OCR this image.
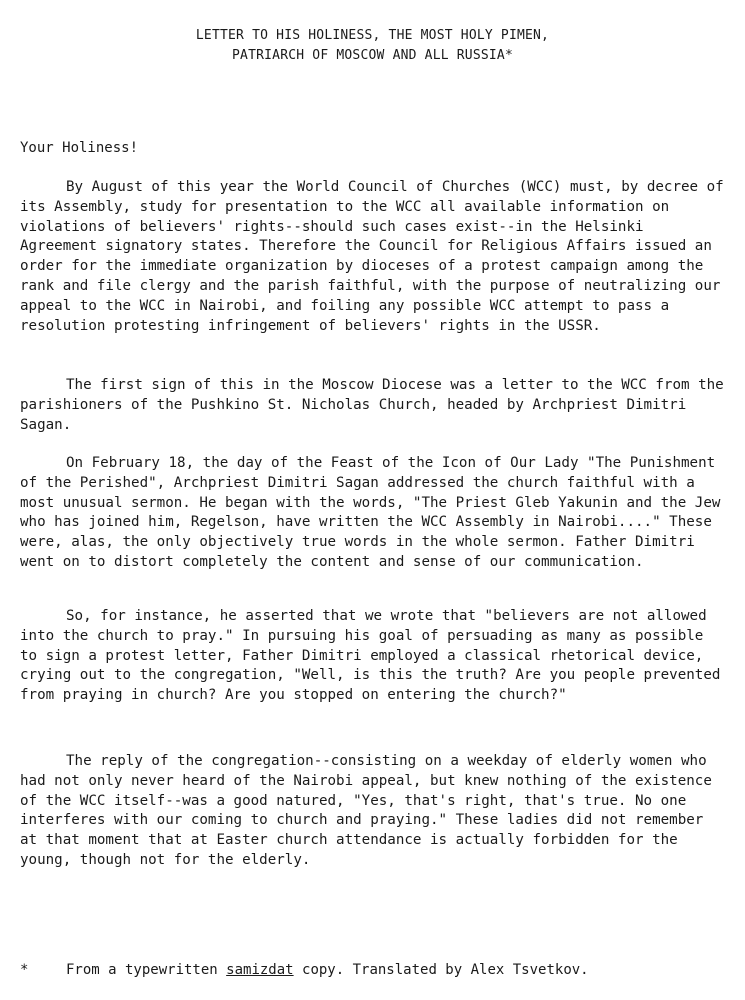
LETTER TO HIS HOLINESS, THE MOST HOLY PIMEN,
PATRIARCH OF MOSCOW AND ALL RUSSIA*
Your Holiness!

By August of this year the World Council of Churches (WCC) must, by decree of its Assembly, study for presentation to the WCC all available information on violations of believers' rights--should such cases exist--in the Helsinki Agreement signatory states. Therefore the Council for Religious Affairs issued an order for the immediate organization by dioceses of a protest campaign among the rank and file clergy and the parish faithful, with the purpose of neutralizing our appeal to the WCC in Nairobi, and foiling any possible WCC attempt to pass a resolution protesting infringement of believers' rights in the USSR.

The first sign of this in the Moscow Diocese was a letter to the WCC from the parishioners of the Pushkino St. Nicholas Church, headed by Archpriest Dimitri Sagan.

On February 18, the day of the Feast of the Icon of Our Lady "The Punishment of the Perished", Archpriest Dimitri Sagan addressed the church faithful with a most unusual sermon. He began with the words, "The Priest Gleb Yakunin and the Jew who has joined him, Regelson, have written the WCC Assembly in Nairobi...." These were, alas, the only objectively true words in the whole sermon. Father Dimitri went on to distort completely the content and sense of our communication.

So, for instance, he asserted that we wrote that "believers are not allowed into the church to pray." In pursuing his goal of persuading as many as possible to sign a protest letter, Father Dimitri employed a classical rhetorical device, crying out to the congregation, "Well, is this the truth? Are you people prevented from praying in church? Are you stopped on entering the church?"

The reply of the congregation--consisting on a weekday of elderly women who had not only never heard of the Nairobi appeal, but knew nothing of the existence of the WCC itself--was a good natured, "Yes, that's right, that's true. No one interferes with our coming to church and praying." These ladies did not remember at that moment that at Easter church attendance is actually forbidden for the young, though not for the elderly.

*	From a typewritten samizdat copy. Translated by Alex Tsvetkov.
